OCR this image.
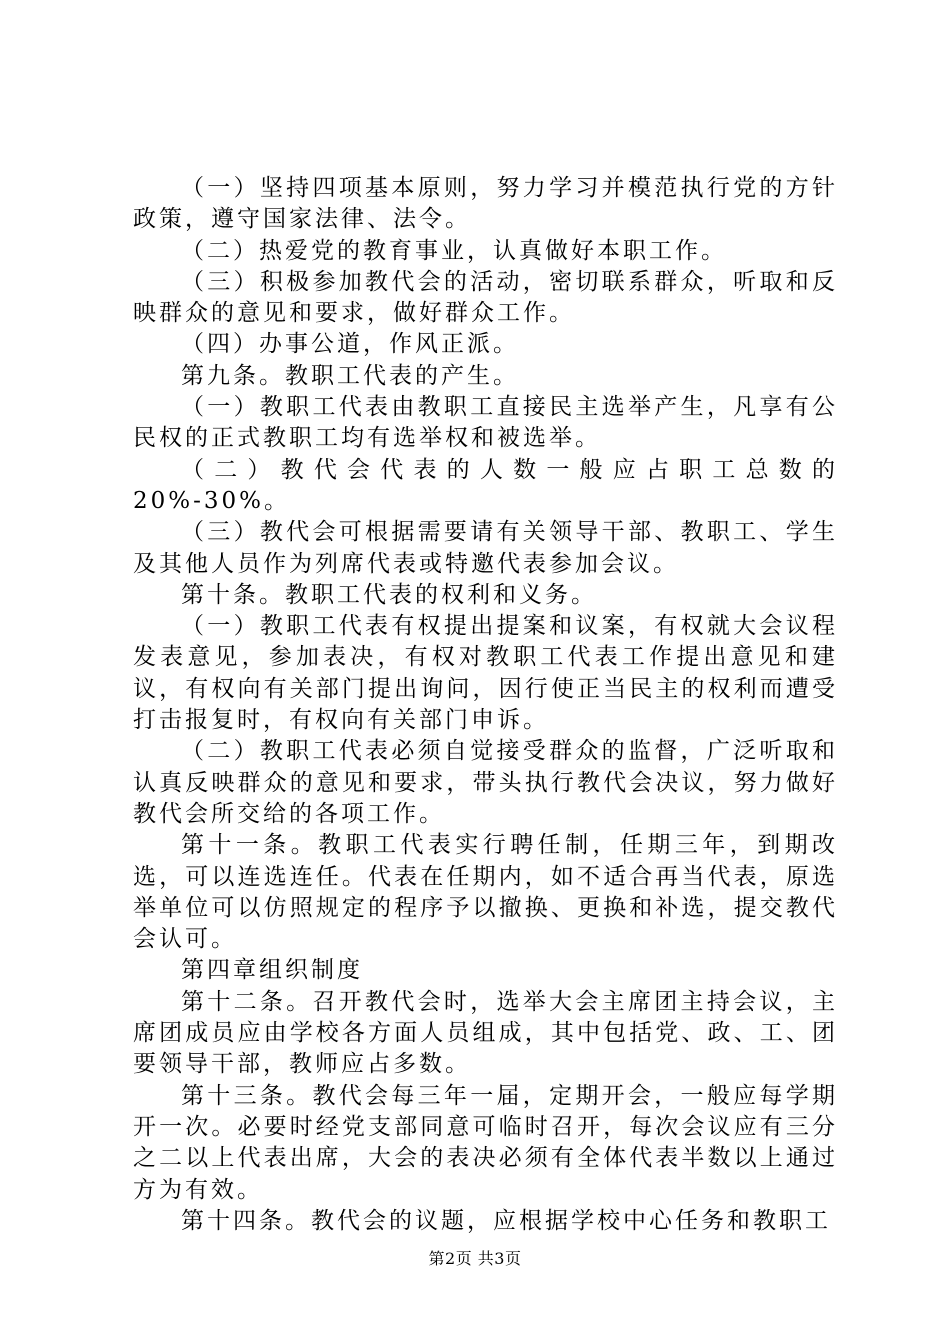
（一）坚持四项基本原则，努力学习并模范执行党的方针政策，遵守国家法律、法令。

（二）热爱党的教育事业，认真做好本职工作。

（三）积极参加教代会的活动，密切联系群众，听取和反映群众的意见和要求，做好群众工作。

（四）办事公道，作风正派。

第九条。教职工代表的产生。

（一）教职工代表由教职工直接民主选举产生，凡享有公民权的正式教职工均有选举权和被选举。

（二）教代会代表的人数一般应占职工总数的20%-30%。

（三）教代会可根据需要请有关领导干部、教职工、学生及其他人员作为列席代表或特邀代表参加会议。

第十条。教职工代表的权利和义务。

（一）教职工代表有权提出提案和议案，有权就大会议程发表意见，参加表决，有权对教职工代表工作提出意见和建议，有权向有关部门提出询问，因行使正当民主的权利而遭受打击报复时，有权向有关部门申诉。

（二）教职工代表必须自觉接受群众的监督，广泛听取和认真反映群众的意见和要求，带头执行教代会决议，努力做好教代会所交给的各项工作。

第十一条。教职工代表实行聘任制，任期三年，到期改选，可以连选连任。代表在任期内，如不适合再当代表，原选举单位可以仿照规定的程序予以撤换、更换和补选，提交教代会认可。

第四章组织制度

第十二条。召开教代会时，选举大会主席团主持会议，主席团成员应由学校各方面人员组成，其中包括党、政、工、团要领导干部，教师应占多数。

第十三条。教代会每三年一届，定期开会，一般应每学期开一次。必要时经党支部同意可临时召开，每次会议应有三分之二以上代表出席，大会的表决必须有全体代表半数以上通过方为有效。

第十四条。教代会的议题，应根据学校中心任务和教职工

第2页 共3页
